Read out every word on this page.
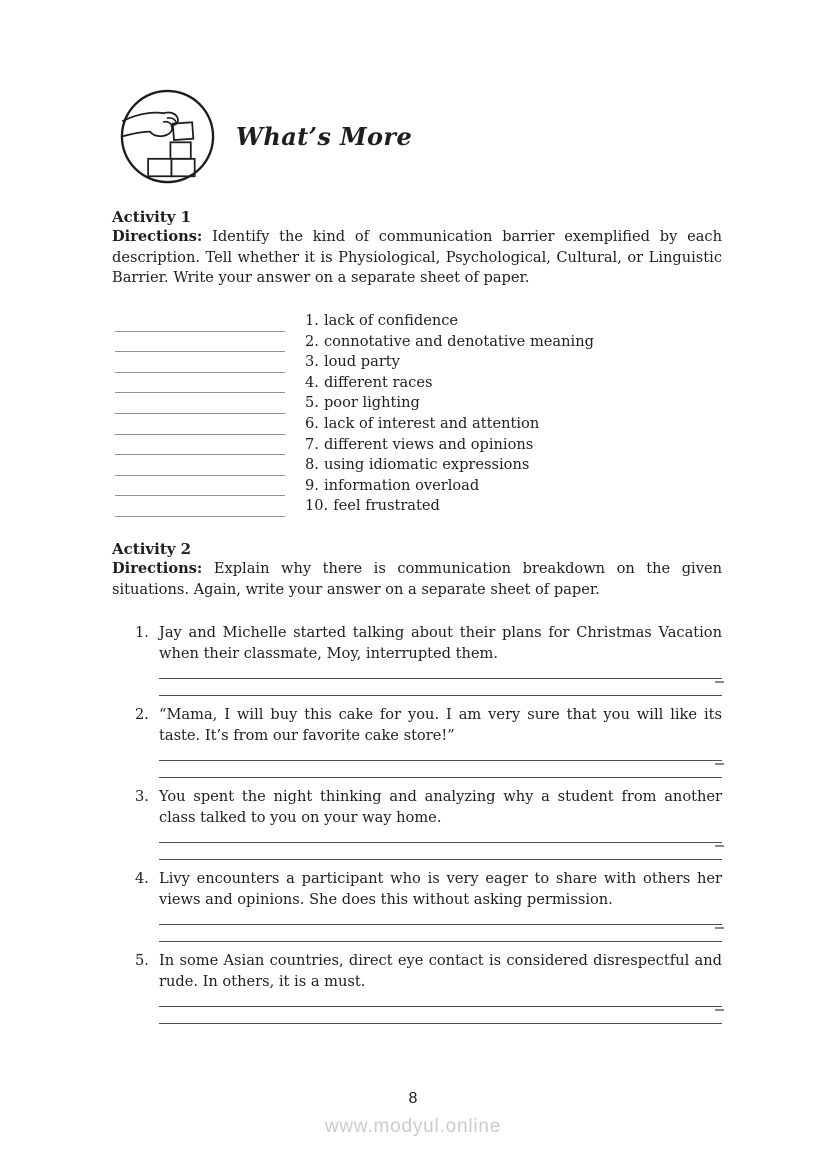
What’s More
Activity 1

Directions: Identify the kind of communication barrier exemplified by each description. Tell whether it is Physiological, Psychological, Cultural, or Linguistic Barrier. Write your answer on a separate sheet of paper.

1. lack of confidence
2. connotative and denotative meaning
3. loud party
4. different races
5. poor lighting
6. lack of interest and attention
7. different views and opinions
8. using idiomatic expressions
9. information overload
10. feel frustrated
Activity 2

Directions: Explain why there is communication breakdown on the given situations. Again, write your answer on a separate sheet of paper.

1. Jay and Michelle started talking about their plans for Christmas Vacation when their classmate, Moy, interrupted them.
2. “Mama, I will buy this cake for you. I am very sure that you will like its taste. It’s from our favorite cake store!”
3. You spent the night thinking and analyzing why a student from another class talked to you on your way home.
4. Livy encounters a participant who is very eager to share with others her views and opinions. She does this without asking permission.
5. In some Asian countries, direct eye contact is considered disrespectful and rude. In others, it is a must.
8
www.modyul.online
